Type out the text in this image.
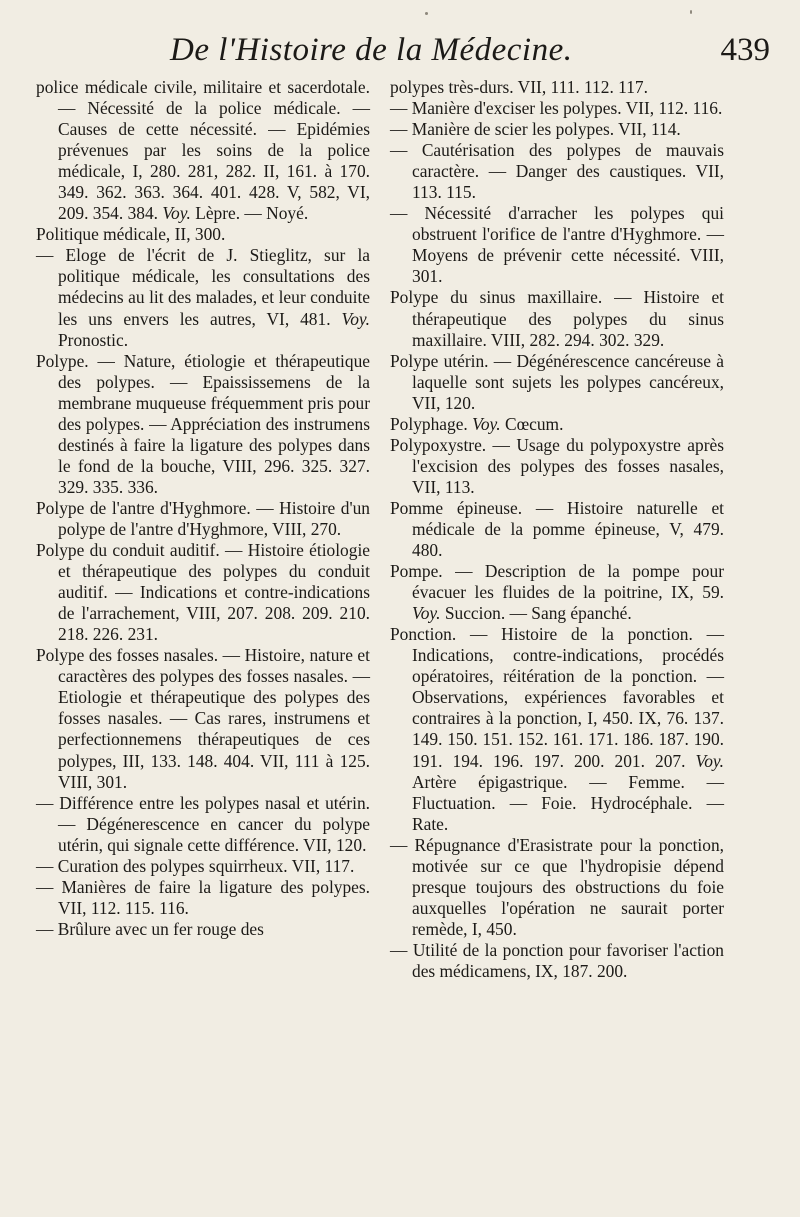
De l'Histoire de la Médecine.	439

police médicale civile, militaire et sacerdotale. — Nécessité de la police médicale. — Causes de cette nécessité. — Epidémies prévenues par les soins de la police médicale, I, 280. 281, 282. II, 161. à 170. 349. 362. 363. 364. 401. 428. V, 582, VI, 209. 354. 384. Voy. Lèpre. — Noyé.

Politique médicale, II, 300.

— Eloge de l'écrit de J. Stieglitz, sur la politique médicale, les consultations des médecins au lit des malades, et leur conduite les uns envers les autres, VI, 481. Voy. Pronostic.

Polype. — Nature, étiologie et thérapeutique des polypes. — Epaississemens de la membrane muqueuse fréquemment pris pour des polypes. — Appréciation des instrumens destinés à faire la ligature des polypes dans le fond de la bouche, VIII, 296. 325. 327. 329. 335. 336.

Polype de l'antre d'Hyghmore. — Histoire d'un polype de l'antre d'Hyghmore, VIII, 270.

Polype du conduit auditif. — Histoire étiologie et thérapeutique des polypes du conduit auditif. — Indications et contre-indications de l'arrachement, VIII, 207. 208. 209. 210. 218. 226. 231.

Polype des fosses nasales. — Histoire, nature et caractères des polypes des fosses nasales. — Etiologie et thérapeutique des polypes des fosses nasales. — Cas rares, instrumens et perfectionnemens thérapeutiques de ces polypes, III, 133. 148. 404. VII, 111 à 125. VIII, 301.

— Différence entre les polypes nasal et utérin. — Dégénerescence en cancer du polype utérin, qui signale cette différence. VII, 120.

— Curation des polypes squirrheux. VII, 117.

— Manières de faire la ligature des polypes. VII, 112. 115. 116.

— Brûlure avec un fer rouge des

polypes très-durs. VII, 111. 112. 117.

— Manière d'exciser les polypes. VII, 112. 116.

— Manière de scier les polypes. VII, 114.

— Cautérisation des polypes de mauvais caractère. — Danger des caustiques. VII, 113. 115.

— Nécessité d'arracher les polypes qui obstruent l'orifice de l'antre d'Hyghmore. — Moyens de prévenir cette nécessité. VIII, 301.

Polype du sinus maxillaire. — Histoire et thérapeutique des polypes du sinus maxillaire. VIII, 282. 294. 302. 329.

Polype utérin. — Dégénérescence cancéreuse à laquelle sont sujets les polypes cancéreux, VII, 120.

Polyphage. Voy. Cœcum.

Polypoxystre. — Usage du polypoxystre après l'excision des polypes des fosses nasales, VII, 113.

Pomme épineuse. — Histoire naturelle et médicale de la pomme épineuse, V, 479. 480.

Pompe. — Description de la pompe pour évacuer les fluides de la poitrine, IX, 59. Voy. Succion. — Sang épanché.

Ponction. — Histoire de la ponction. — Indications, contre-indications, procédés opératoires, réitération de la ponction. — Observations, expériences favorables et contraires à la ponction, I, 450. IX, 76. 137. 149. 150. 151. 152. 161. 171. 186. 187. 190. 191. 194. 196. 197. 200. 201. 207. Voy. Artère épigastrique. — Femme. — Fluctuation. — Foie. Hydrocéphale. — Rate.

— Répugnance d'Erasistrate pour la ponction, motivée sur ce que l'hydropisie dépend presque toujours des obstructions du foie auxquelles l'opération ne saurait porter remède, I, 450.

— Utilité de la ponction pour favoriser l'action des médicamens, IX, 187. 200.
